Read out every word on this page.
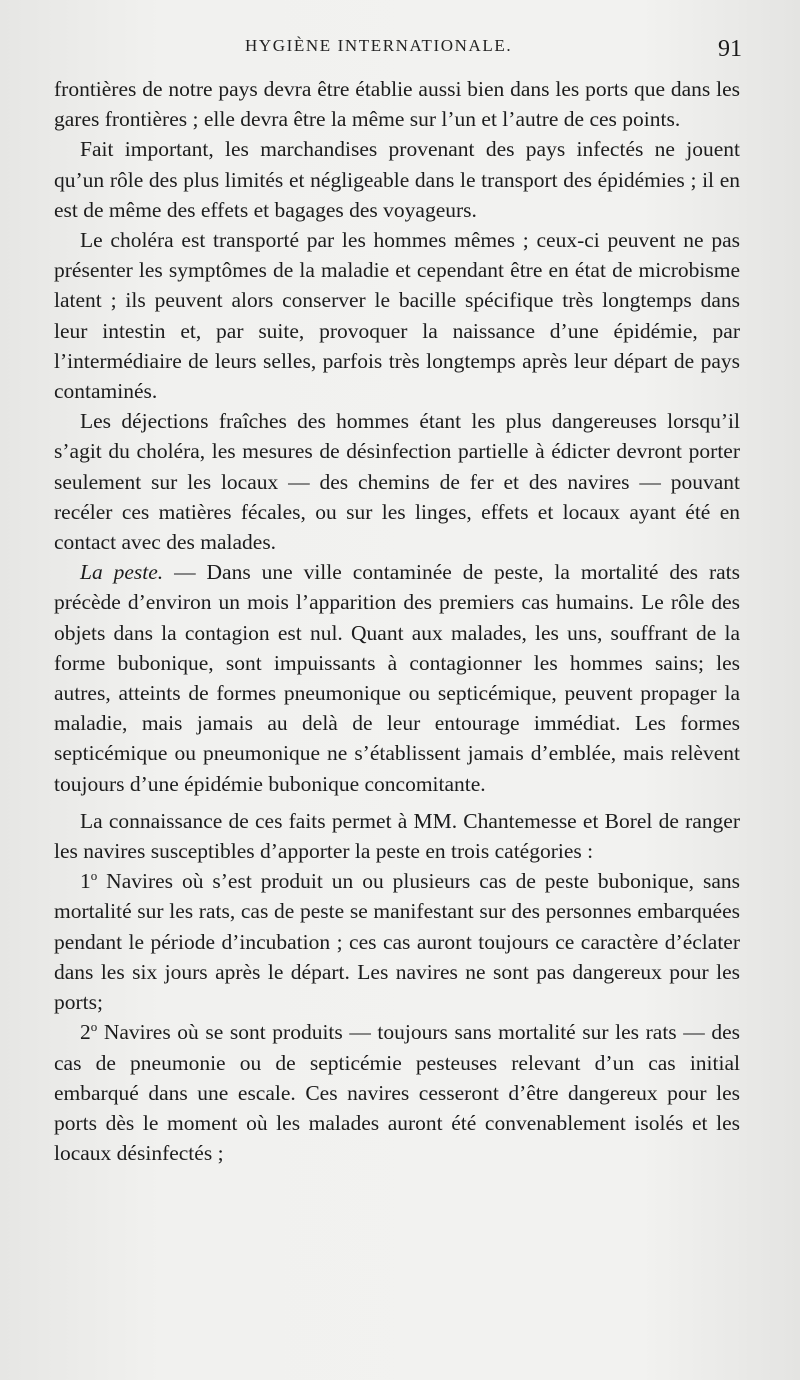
HYGIÈNE INTERNATIONALE.	91

frontières de notre pays devra être établie aussi bien dans les ports que dans les gares frontières ; elle devra être la même sur l’un et l’autre de ces points.

Fait important, les marchandises provenant des pays infectés ne jouent qu’un rôle des plus limités et négligeable dans le transport des épidémies ; il en est de même des effets et bagages des voyageurs.

Le choléra est transporté par les hommes mêmes ; ceux-ci peuvent ne pas présenter les symptômes de la maladie et cependant être en état de microbisme latent ; ils peuvent alors conserver le bacille spécifique très longtemps dans leur intestin et, par suite, provoquer la naissance d’une épidémie, par l’intermédiaire de leurs selles, parfois très longtemps après leur départ de pays contaminés.

Les déjections fraîches des hommes étant les plus dangereuses lorsqu’il s’agit du choléra, les mesures de désinfection partielle à édicter devront porter seulement sur les locaux — des chemins de fer et des navires — pouvant recéler ces matières fécales, ou sur les linges, effets et locaux ayant été en contact avec des malades.

La peste. — Dans une ville contaminée de peste, la mortalité des rats précède d’environ un mois l’apparition des premiers cas humains. Le rôle des objets dans la contagion est nul. Quant aux malades, les uns, souffrant de la forme bubonique, sont impuissants à contagionner les hommes sains; les autres, atteints de formes pneumonique ou septicémique, peuvent propager la maladie, mais jamais au delà de leur entourage immédiat. Les formes septicémique ou pneumonique ne s’établissent jamais d’emblée, mais relèvent toujours d’une épidémie bubonique concomitante.

La connaissance de ces faits permet à MM. Chantemesse et Borel de ranger les navires susceptibles d’apporter la peste en trois catégories :

1$^o$ Navires où s’est produit un ou plusieurs cas de peste bubonique, sans mortalité sur les rats, cas de peste se manifestant sur des personnes embarquées pendant le période d’incubation ; ces cas auront toujours ce caractère d’éclater dans les six jours après le départ. Les navires ne sont pas dangereux pour les ports;

2$^o$ Navires où se sont produits — toujours sans mortalité sur les rats — des cas de pneumonie ou de septicémie pesteuses relevant d’un cas initial embarqué dans une escale. Ces navires cesseront d’être dangereux pour les ports dès le moment où les malades auront été convenablement isolés et les locaux désinfectés ;
